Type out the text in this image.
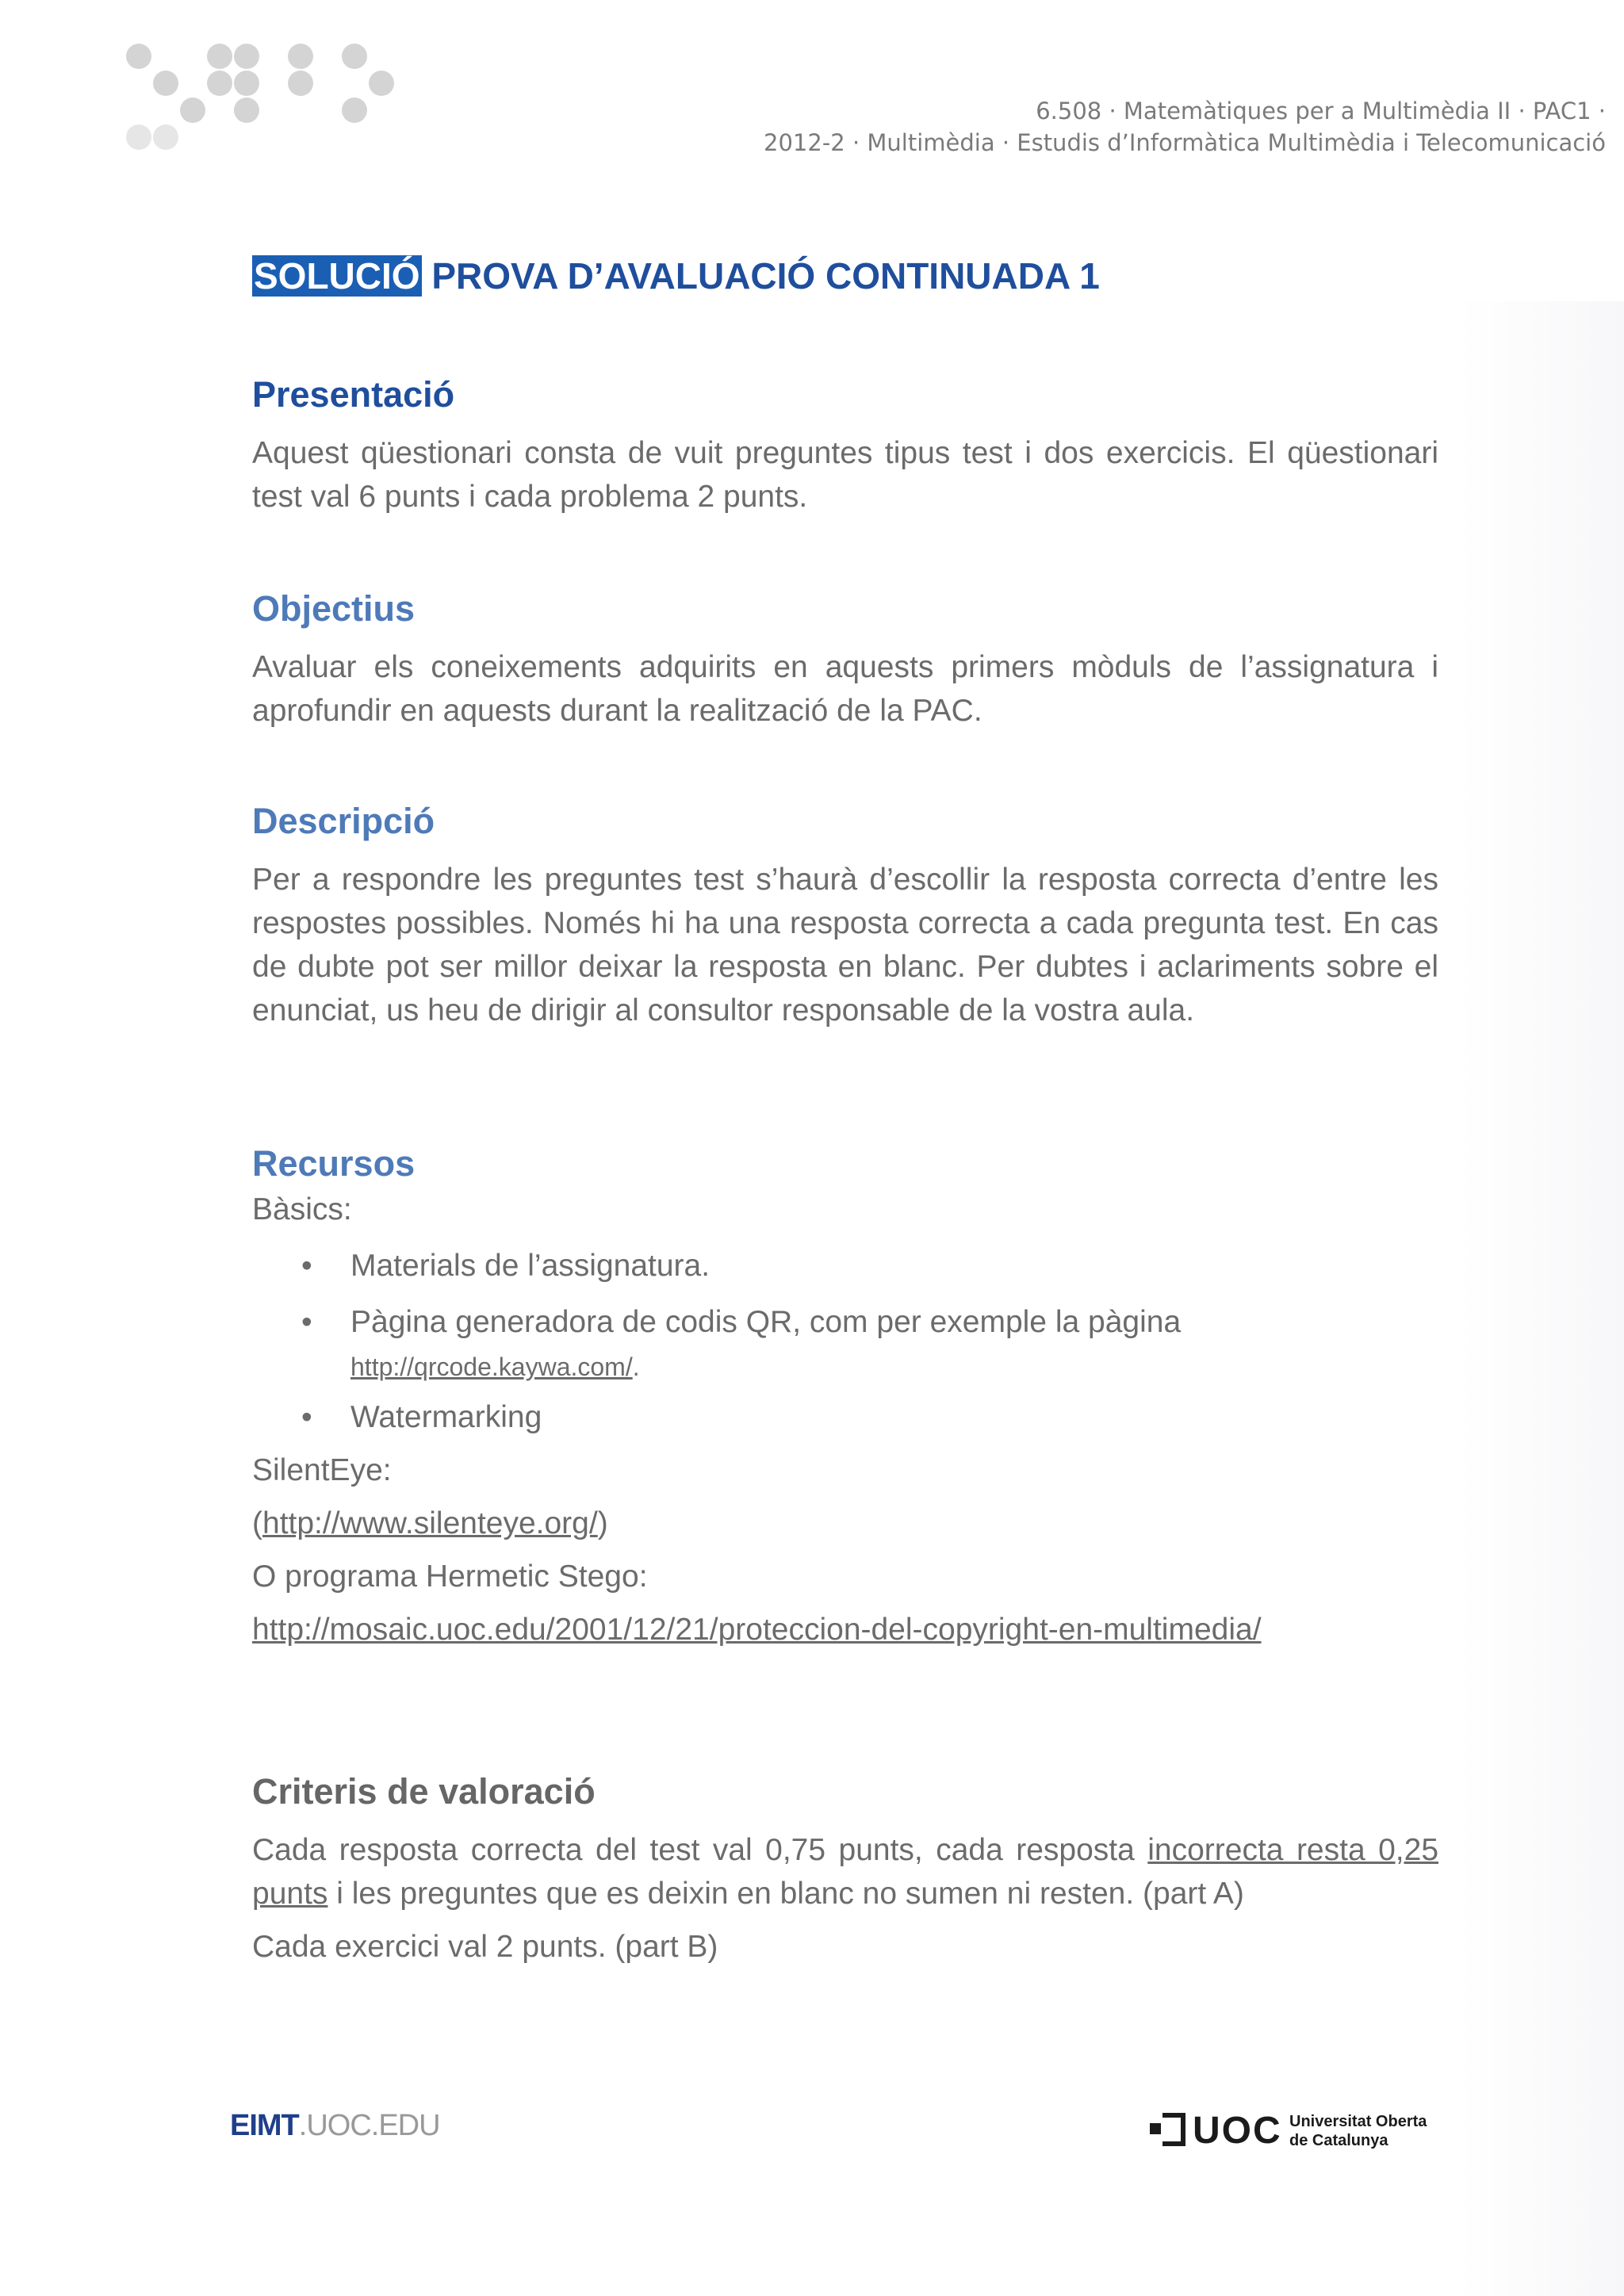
6.508 · Matemàtiques per a Multimèdia II · PAC1 ·
2012-2 · Multimèdia · Estudis d’Informàtica Multimèdia i Telecomunicació
SOLUCIÓ PROVA D’AVALUACIÓ CONTINUADA 1
Presentació

Aquest qüestionari consta de vuit preguntes tipus test i dos exercicis. El qüestionari test val 6 punts i cada problema 2 punts.

Objectius

Avaluar els coneixements adquirits en aquests primers mòduls de l’assignatura i aprofundir en aquests durant la realització de la PAC.

Descripció

Per a respondre les preguntes test s’haurà d’escollir la resposta correcta d’entre les respostes possibles. Només hi ha una resposta correcta a cada pregunta test. En cas de dubte pot ser millor deixar la resposta en blanc. Per dubtes i aclariments sobre el enunciat, us heu de dirigir al consultor responsable de la vostra aula.

Recursos

Bàsics:

• Materials de l’assignatura.
• Pàgina generadora de codis QR, com per exemple la pàgina
http://qrcode.kaywa.com/.
• Watermarking

SilentEye:

(http://www.silenteye.org/)

O programa Hermetic Stego:

http://mosaic.uoc.edu/2001/12/21/proteccion-del-copyright-en-multimedia/

Criteris de valoració

Cada resposta correcta del test val 0,75 punts, cada resposta incorrecta resta 0,25 punts i les preguntes que es deixin en blanc no sumen ni resten. (part A)

Cada exercici val 2 punts. (part B)

EIMT.UOC.EDU	UOC Universitat Oberta
de Catalunya
